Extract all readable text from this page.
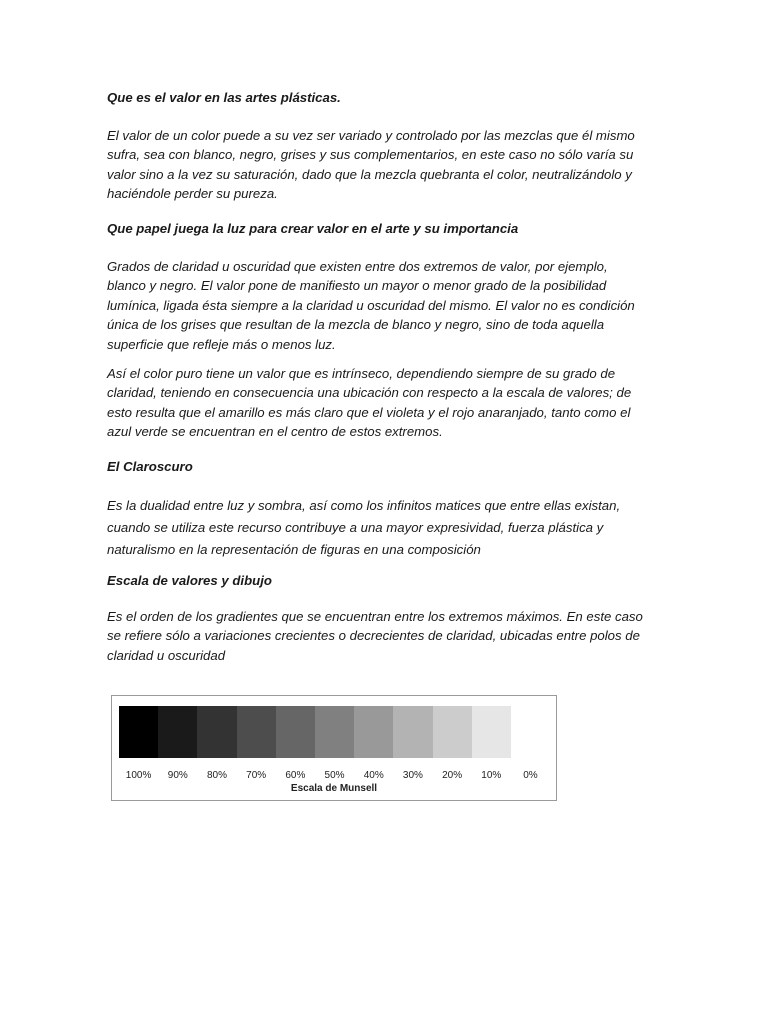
Que es el valor en las artes plásticas.

El valor de un color puede a su vez ser variado y controlado por las mezclas que él mismo
sufra, sea con blanco, negro, grises y sus complementarios, en este caso no sólo varía su
valor sino a la vez su saturación, dado que la mezcla quebranta el color, neutralizándolo y
haciéndole perder su pureza.

Que papel juega la luz para crear valor en el arte y su importancia

Grados de claridad u oscuridad que existen entre dos extremos de valor, por ejemplo,
blanco y negro. El valor pone de manifiesto un mayor o menor grado de la posibilidad
lumínica, ligada ésta siempre a la claridad u oscuridad del mismo. El valor no es condición
única de los grises que resultan de la mezcla de blanco y negro, sino de toda aquella
superficie que refleje más o menos luz.

Así el color puro tiene un valor que es intrínseco, dependiendo siempre de su grado de
claridad, teniendo en consecuencia una ubicación con respecto a la escala de valores; de
esto resulta que el amarillo es más claro que el violeta y el rojo anaranjado, tanto como el
azul verde se encuentran en el centro de estos extremos.

El Claroscuro

Es la dualidad entre luz y sombra, así como los infinitos matices que entre ellas existan,
cuando se utiliza este recurso contribuye a una mayor expresividad, fuerza plástica y
naturalismo en la representación de figuras en una composición

Escala de valores y dibujo

Es el orden de los gradientes que se encuentran entre los extremos máximos. En este caso
se refiere sólo a variaciones crecientes o decrecientes de claridad, ubicadas entre polos de
claridad u oscuridad

100%	90%	80%	70%	60%	50%	40%	30%	20%	10%	0%
Escala de Munsell
